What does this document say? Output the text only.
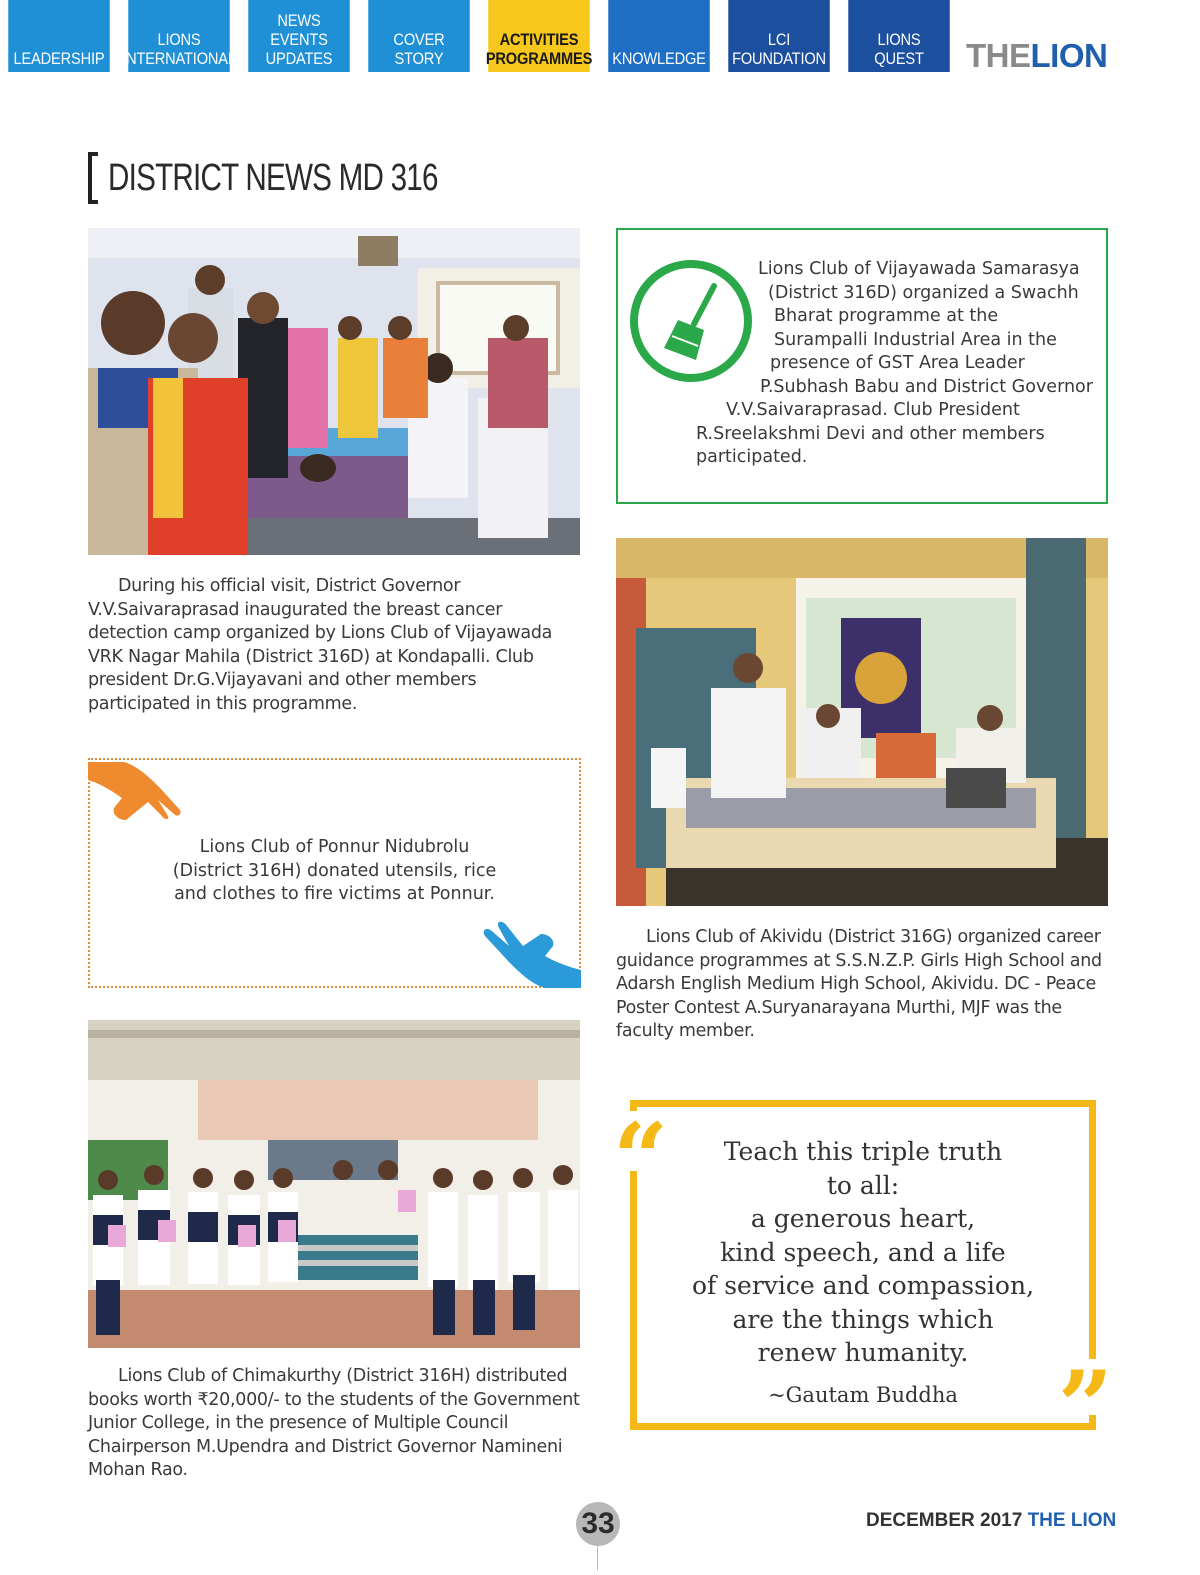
LEADERSHIP
LIONS
INTERNATIONAL
NEWS
EVENTS
UPDATES
COVER STORY
ACTIVITIES
PROGRAMMES KNOWLEDGE
LCI
FOUNDATION
LIONS
QUEST	THELION
DISTRICT NEWS MD 316
During his official visit, District Governor V.V.Saivaraprasad inaugurated the breast cancer detection camp organized by Lions Club of Vijayawada VRK Nagar Mahila (District 316D) at Kondapalli. Club president Dr.G.Vijayavani and other members participated in this programme.
Lions Club of Vijayawada Samarasya
(District 316D) organized a Swachh
Bharat programme at the
Surampalli Industrial Area in the
presence of GST Area Leader
P.Subhash Babu and District Governor
V.V.Saivaraprasad. Club President
R.Sreelakshmi Devi and other members
participated.
Lions Club of Akividu (District 316G) organized career guidance programmes at S.S.N.Z.P. Girls High School and Adarsh English Medium High School, Akividu. DC - Peace Poster Contest A.Suryanarayana Murthi, MJF was the faculty member.
Lions Club of Ponnur Nidubrolu
(District 316H) donated utensils, rice
and clothes to fire victims at Ponnur.
Lions Club of Chimakurthy (District 316H) distributed books worth ₹20,000/- to the students of the Government Junior College, in the presence of Multiple Council Chairperson M.Upendra and District Governor Namineni Mohan Rao.
“	Teach this triple truth
to all:
a generous heart,
kind speech, and a life
of service and compassion,
are the things which
renew humanity.
~Gautam Buddha	”
33	DECEMBER 2017 THE LION
